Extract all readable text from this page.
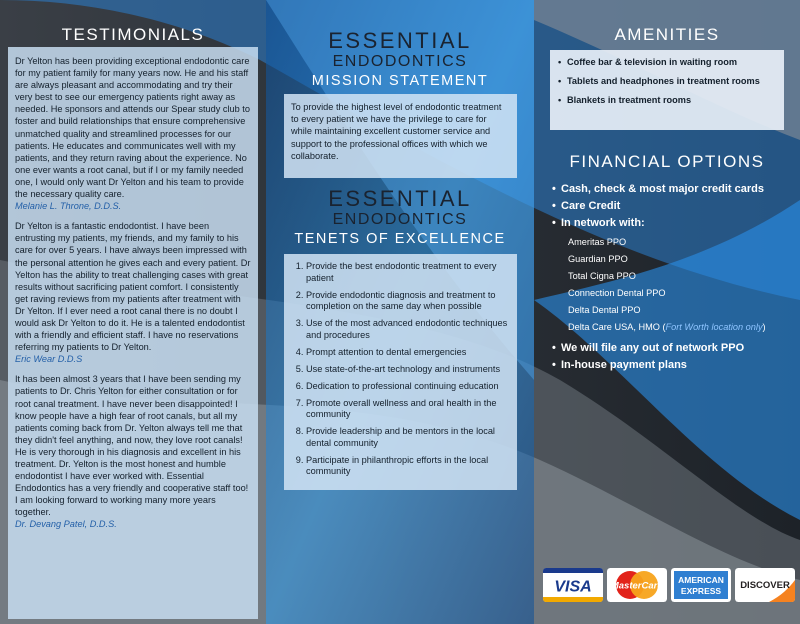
TESTIMONIALS

Dr Yelton has been providing exceptional endodontic care for my patient family for many years now. He and his staff are always pleasant and accommodating and try their very best to see our emergency patients right away as needed. He sponsors and attends our Spear study club to foster and build relationships that ensure comprehensive unmatched quality and streamlined processes for our patients. He educates and communicates well with my patients, and they return raving about the experience. No one ever wants a root canal, but if I or my family needed one, I would only want Dr Yelton and his team to provide the necessary quality care.

Melanie L. Throne, D.D.S.

Dr Yelton is a fantastic endodontist. I have been entrusting my patients, my friends, and my family to his care for over 5 years. I have always been impressed with the personal attention he gives each and every patient. Dr Yelton has the ability to treat challenging cases with great results without sacrificing patient comfort. I consistently get raving reviews from my patients after treatment with Dr Yelton. If I ever need a root canal there is no doubt I would ask Dr Yelton to do it. He is a talented endodontist with a friendly and efficient staff. I have no reservations referring my patients to Dr Yelton.

Eric Wear D.D.S

It has been almost 3 years that I have been sending my patients to Dr. Chris Yelton for either consultation or for root canal treatment. I have never been disappointed! I know people have a high fear of root canals, but all my patients coming back from Dr. Yelton always tell me that they didn't feel anything, and now, they love root canals! He is very thorough in his diagnosis and excellent in his treatment. Dr. Yelton is the most honest and humble endodontist I have ever worked with. Essential Endodontics has a very friendly and cooperative staff too! I am looking forward to working many more years together.

Dr. Devang Patel, D.D.S.

ESSENTIAL
ENDODONTICS
MISSION STATEMENT

To provide the highest level of endodontic treatment to every patient we have the privilege to care for while maintaining excellent customer service and support to the professional offices with which we collaborate.

ESSENTIAL
ENDODONTICS
TENETS OF EXCELLENCE
1. Provide the best endodontic treatment to every patient
2. Provide endodontic diagnosis and treatment to completion on the same day when possible
3. Use of the most advanced endodontic techniques and procedures
4. Prompt attention to dental emergencies
5. Use state-of-the-art technology and instruments
6. Dedication to professional continuing education
7. Promote overall wellness and oral health in the community
8. Provide leadership and be mentors in the local dental community
9. Participate in philanthropic efforts in the local community
AMENITIES
• Coffee bar & television in waiting room
• Tablets and headphones in treatment rooms
• Blankets in treatment rooms
FINANCIAL OPTIONS
• Cash, check & most major credit cards
• Care Credit
• In network with:
Ameritas PPO
Guardian PPO
Total Cigna PPO
Connection Dental PPO
Delta Dental PPO
Delta Care USA, HMO (Fort Worth location only)
• We will file any out of network PPO
• In-house payment plans
VISA MasterCard
AMERICAN
EXPRESS DISCOVER
